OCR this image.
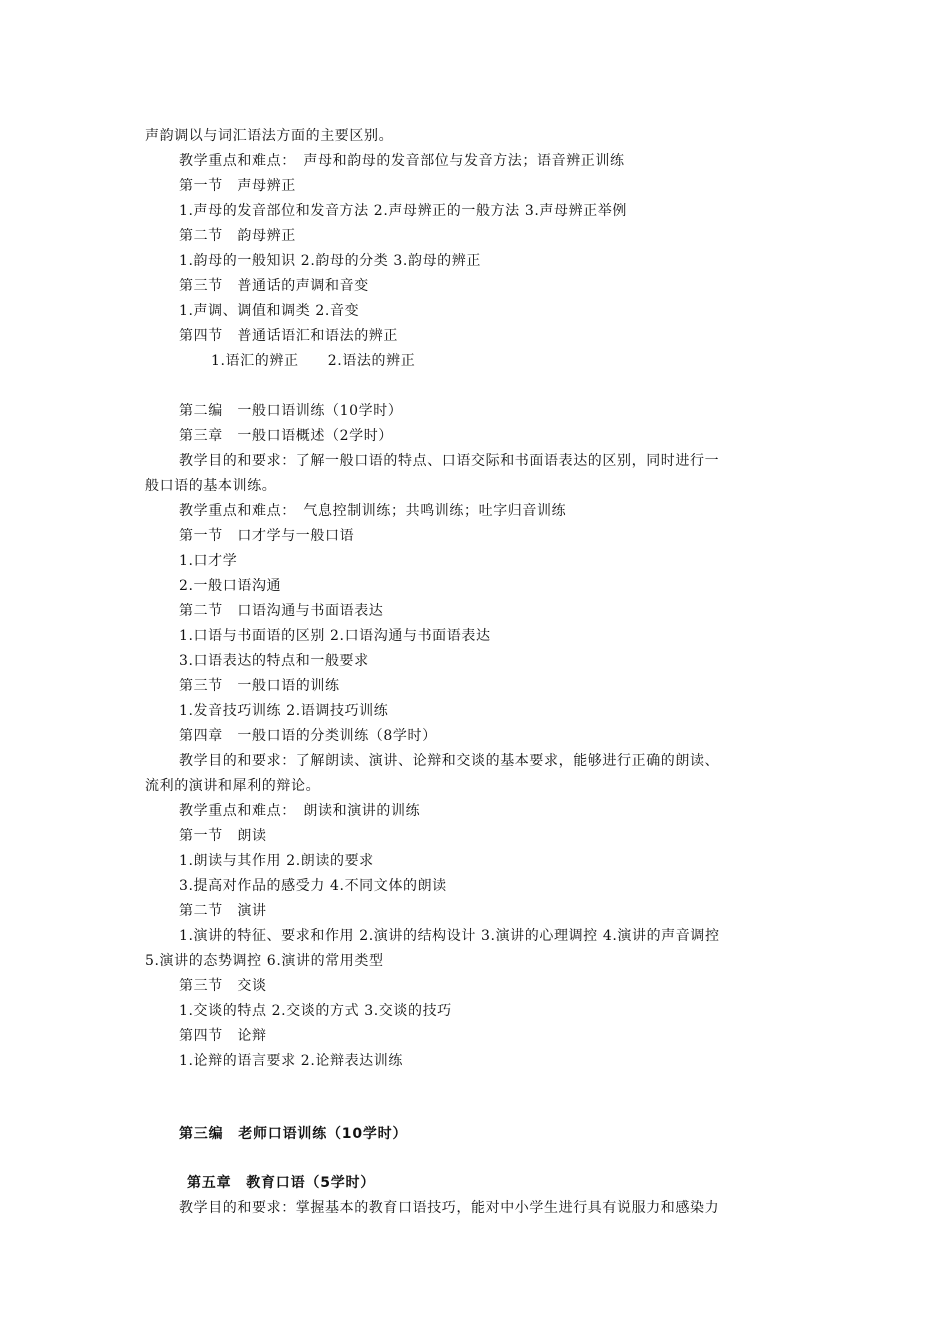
声韵调以与词汇语法方面的主要区别。
教学重点和难点：　声母和韵母的发音部位与发音方法；语音辨正训练
第一节　声母辨正
1.声母的发音部位和发音方法 2.声母辨正的一般方法 3.声母辨正举例
第二节　韵母辨正
1.韵母的一般知识 2.韵母的分类 3.韵母的辨正
第三节　普通话的声调和音变
1.声调、调值和调类 2.音变
第四节　普通话语汇和语法的辨正
1.语汇的辨正　　2.语法的辨正
第二编　一般口语训练（10学时）
第三章　一般口语概述（2学时）
教学目的和要求：了解一般口语的特点、口语交际和书面语表达的区别，同时进行一
般口语的基本训练。
教学重点和难点：　气息控制训练；共鸣训练；吐字归音训练
第一节　口才学与一般口语
1.口才学
2.一般口语沟通
第二节　口语沟通与书面语表达
1.口语与书面语的区别 2.口语沟通与书面语表达
3.口语表达的特点和一般要求
第三节　一般口语的训练
1.发音技巧训练 2.语调技巧训练
第四章　一般口语的分类训练（8学时）
教学目的和要求：了解朗读、演讲、论辩和交谈的基本要求，能够进行正确的朗读、
流利的演讲和犀利的辩论。
教学重点和难点：　朗读和演讲的训练
第一节　朗读
1.朗读与其作用 2.朗读的要求
3.提高对作品的感受力 4.不同文体的朗读
第二节　演讲
1.演讲的特征、要求和作用 2.演讲的结构设计 3.演讲的心理调控 4.演讲的声音调控
5.演讲的态势调控 6.演讲的常用类型
第三节　交谈
1.交谈的特点 2.交谈的方式 3.交谈的技巧
第四节　论辩
1.论辩的语言要求 2.论辩表达训练
第三编　老师口语训练（10学时）
第五章　教育口语（5学时）
教学目的和要求：掌握基本的教育口语技巧，能对中小学生进行具有说服力和感染力
